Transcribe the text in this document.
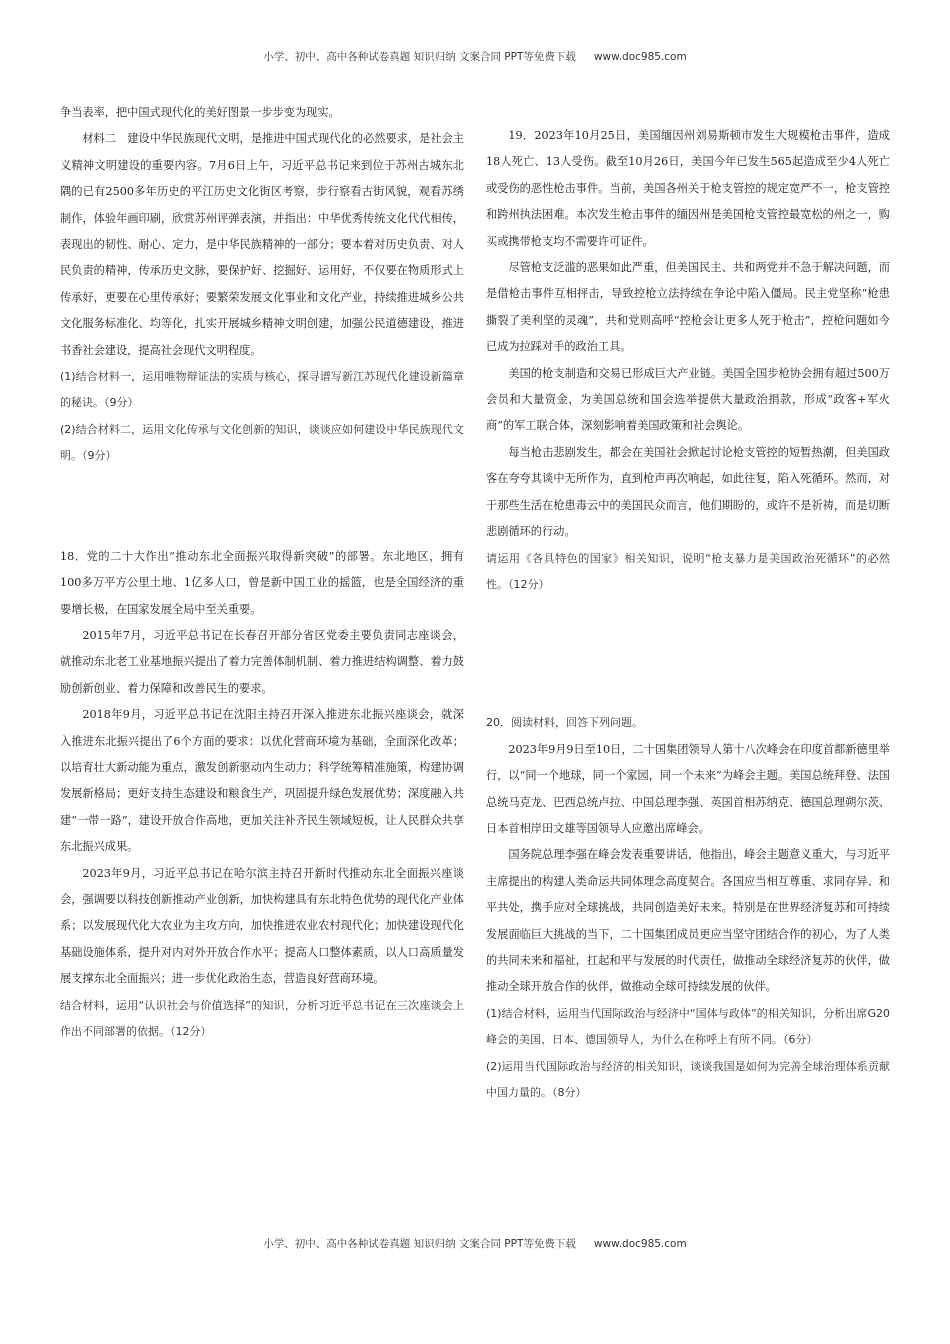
小学、初中、高中各种试卷真题 知识归纳 文案合同 PPT等免费下载 www.doc985.com

争当表率，把中国式现代化的美好图景一步步变为现实。

材料二　建设中华民族现代文明，是推进中国式现代化的必然要求，是社会主义精神文明建设的重要内容。7月6日上午，习近平总书记来到位于苏州古城东北隅的已有2500多年历史的平江历史文化街区考察，步行察看古街风貌，观看苏绣制作，体验年画印刷，欣赏苏州评弹表演，并指出：中华优秀传统文化代代相传，表现出的韧性、耐心、定力，是中华民族精神的一部分；要本着对历史负责、对人民负责的精神，传承历史文脉，要保护好、挖掘好、运用好，不仅要在物质形式上传承好，更要在心里传承好；要繁荣发展文化事业和文化产业，持续推进城乡公共文化服务标准化、均等化，扎实开展城乡精神文明创建，加强公民道德建设，推进书香社会建设，提高社会现代文明程度。

(1)结合材料一，运用唯物辩证法的实质与核心，探寻谱写新江苏现代化建设新篇章的秘诀。（9分）

(2)结合材料二，运用文化传承与文化创新的知识，谈谈应如何建设中华民族现代文明。（9分）

18．党的二十大作出“推动东北全面振兴取得新突破”的部署。东北地区，拥有100多万平方公里土地、1亿多人口，曾是新中国工业的摇篮，也是全国经济的重要增长极，在国家发展全局中至关重要。

2015年7月，习近平总书记在长春召开部分省区党委主要负责同志座谈会，就推动东北老工业基地振兴提出了着力完善体制机制、着力推进结构调整、着力鼓励创新创业、着力保障和改善民生的要求。

2018年9月，习近平总书记在沈阳主持召开深入推进东北振兴座谈会，就深入推进东北振兴提出了6个方面的要求：以优化营商环境为基础，全面深化改革；以培育壮大新动能为重点，激发创新驱动内生动力；科学统筹精准施策，构建协调发展新格局；更好支持生态建设和粮食生产，巩固提升绿色发展优势；深度融入共建“一带一路”，建设开放合作高地，更加关注补齐民生领域短板，让人民群众共享东北振兴成果。

2023年9月，习近平总书记在哈尔滨主持召开新时代推动东北全面振兴座谈会，强调要以科技创新推动产业创新，加快构建具有东北特色优势的现代化产业体系；以发展现代化大农业为主攻方向，加快推进农业农村现代化；加快建设现代化基础设施体系，提升对内对外开放合作水平；提高人口整体素质，以人口高质量发展支撑东北全面振兴；进一步优化政治生态，营造良好营商环境。

结合材料，运用“认识社会与价值选择”的知识，分析习近平总书记在三次座谈会上作出不同部署的依据。（12分）

19．2023年10月25日，美国缅因州刘易斯顿市发生大规模枪击事件，造成18人死亡、13人受伤。截至10月26日，美国今年已发生565起造成至少4人死亡或受伤的恶性枪击事件。当前，美国各州关于枪支管控的规定宽严不一，枪支管控和跨州执法困难。本次发生枪击事件的缅因州是美国枪支管控最宽松的州之一，购买或携带枪支均不需要许可证件。

尽管枪支泛滥的恶果如此严重，但美国民主、共和两党并不急于解决问题，而是借枪击事件互相抨击，导致控枪立法持续在争论中陷入僵局。民主党坚称“枪患撕裂了美利坚的灵魂”，共和党则高呼“控枪会让更多人死于枪击”，控枪问题如今已成为拉踩对手的政治工具。

美国的枪支制造和交易已形成巨大产业链。美国全国步枪协会拥有超过500万会员和大量资金，为美国总统和国会选举提供大量政治捐款，形成“政客+军火商”的军工联合体，深刻影响着美国政策和社会舆论。

每当枪击悲剧发生，都会在美国社会掀起讨论枪支管控的短暂热潮，但美国政客在夸夸其谈中无所作为，直到枪声再次响起，如此往复，陷入死循环。然而，对于那些生活在枪患毒云中的美国民众而言，他们期盼的，或许不是祈祷，而是切断悲剧循环的行动。

请运用《各具特色的国家》相关知识，说明“枪支暴力是美国政治死循环”的必然性。（12分）

20．阅读材料，回答下列问题。

2023年9月9日至10日，二十国集团领导人第十八次峰会在印度首都新德里举行，以“同一个地球，同一个家园，同一个未来”为峰会主题。美国总统拜登、法国总统马克龙、巴西总统卢拉、中国总理李强、英国首相苏纳克、德国总理朔尔茨、日本首相岸田文雄等国领导人应邀出席峰会。

国务院总理李强在峰会发表重要讲话，他指出，峰会主题意义重大，与习近平主席提出的构建人类命运共同体理念高度契合。各国应当相互尊重、求同存异、和平共处，携手应对全球挑战，共同创造美好未来。特别是在世界经济复苏和可持续发展面临巨大挑战的当下，二十国集团成员更应当坚守团结合作的初心，为了人类的共同未来和福祉，扛起和平与发展的时代责任，做推动全球经济复苏的伙伴，做推动全球开放合作的伙伴，做推动全球可持续发展的伙伴。

(1)结合材料，运用当代国际政治与经济中“国体与政体”的相关知识，分析出席G20峰会的美国、日本、德国领导人，为什么在称呼上有所不同。（6分）

(2)运用当代国际政治与经济的相关知识，谈谈我国是如何为完善全球治理体系贡献中国力量的。（8分）

小学、初中、高中各种试卷真题 知识归纳 文案合同 PPT等免费下载 www.doc985.com
